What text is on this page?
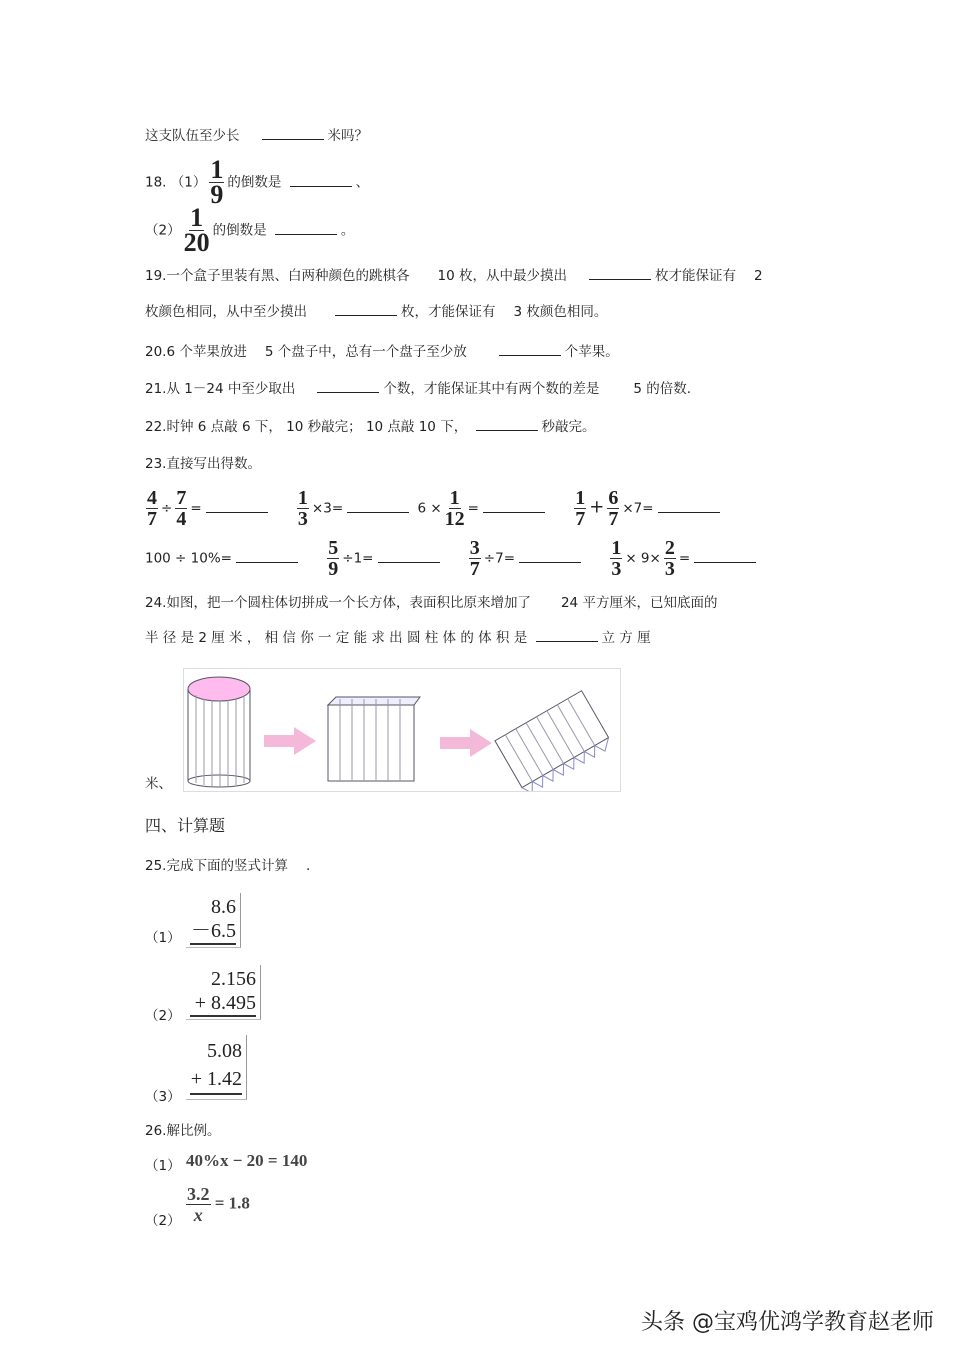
这支队伍至少长	米吗？
18. $(1) \frac{1}{9}$ 的倒数是	、
$(2) \frac{1}{20}$ 的倒数是	。
19.一个盒子里装有黑、白两种颜色的跳棋各 10 枚，从中最少摸出	枚才能保证有 2
枚颜色相同，从中至少摸出	枚，才能保证有 3 枚颜色相同。
20.6 个苹果放进 5 个盘子中，总有一个盘子至少放	个苹果。
21.从 1－24 中至少取出	个数，才能保证其中有两个数的差是	5 的倍数.
22.时钟 6 点敲 6 下， 10 秒敲完； 10 点敲 10 下，	秒敲完。
23.直接写出得数。
$\frac{4}{7} \div \frac{7}{4}$ =	$\frac{1}{3} \times 3=$	$6 \times \frac{1}{12}$ =	$\frac{1}{7} + \frac{6}{7} \times 7=$
100 ÷ 10%=	$\frac{5}{9} \div 1=$	$\frac{3}{7} \div 7=$	$\frac{1}{3} \times 9\times \frac{2}{3}$ =
24.如图，把一个圆柱体切拼成一个长方体，表面积比原来增加了 24 平方厘米，已知底面的
半 径 是 2 厘 米 ， 相 信 你 一 定 能 求 出 圆 柱 体 的 体 积 是	立 方 厘
米、
四、计算题
25.完成下面的竖式计算 .
（1）
8.6
－6.5
（2）
2.156
+ 8.495
（3）
5.08
+ 1.42
26.解比例。
（1） 40%x − 20 = 140
$(2) \frac{3.2}{x} = 1.8$
头条 @宝鸡优鸿学教育赵老师
